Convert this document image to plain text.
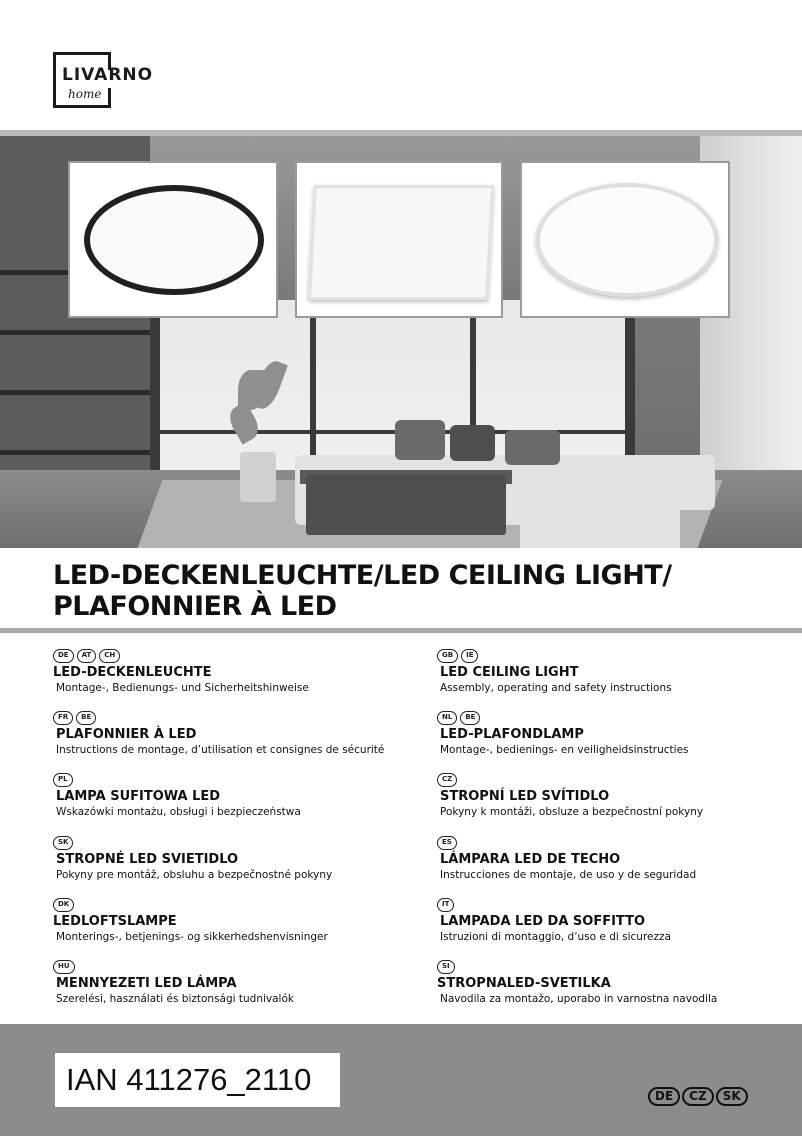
LIVARNO
home
LED-DECKENLEUCHTE/LED CEILING LIGHT/
PLAFONNIER À LED
DE	AT	CH
LED-DECKENLEUCHTE
Montage-, Bedienungs- und Sicherheitshinweise
FR	BE
PLAFONNIER À LED
Instructions de montage, d’utilisation et consignes de sécurité
PL
LAMPA SUFITOWA LED
Wskazówki montażu, obsługi i bezpieczeństwa
SK
STROPNÉ LED SVIETIDLO
Pokyny pre montáž, obsluhu a bezpečnostné pokyny
DK
LEDLOFTSLAMPE
Monterings-, betjenings- og sikkerhedshenvisninger
HU
MENNYEZETI LED LÁMPA
Szerelési, használati és biztonsági tudnivalók
GB	IE
LED CEILING LIGHT
Assembly, operating and safety instructions
NL	BE
LED-PLAFONDLAMP
Montage-, bedienings- en veiligheidsinstructies
CZ
STROPNÍ LED SVÍTIDLO
Pokyny k montáži, obsluze a bezpečnostní pokyny
ES
LÁMPARA LED DE TECHO
Instrucciones de montaje, de uso y de seguridad
IT
LAMPADA LED DA SOFFITTO
Istruzioni di montaggio, d’uso e di sicurezza
SI
STROPNALED-SVETILKA
Navodila za montažo, uporabo in varnostna navodila
IAN 411276_2110	DE	CZ	SK
